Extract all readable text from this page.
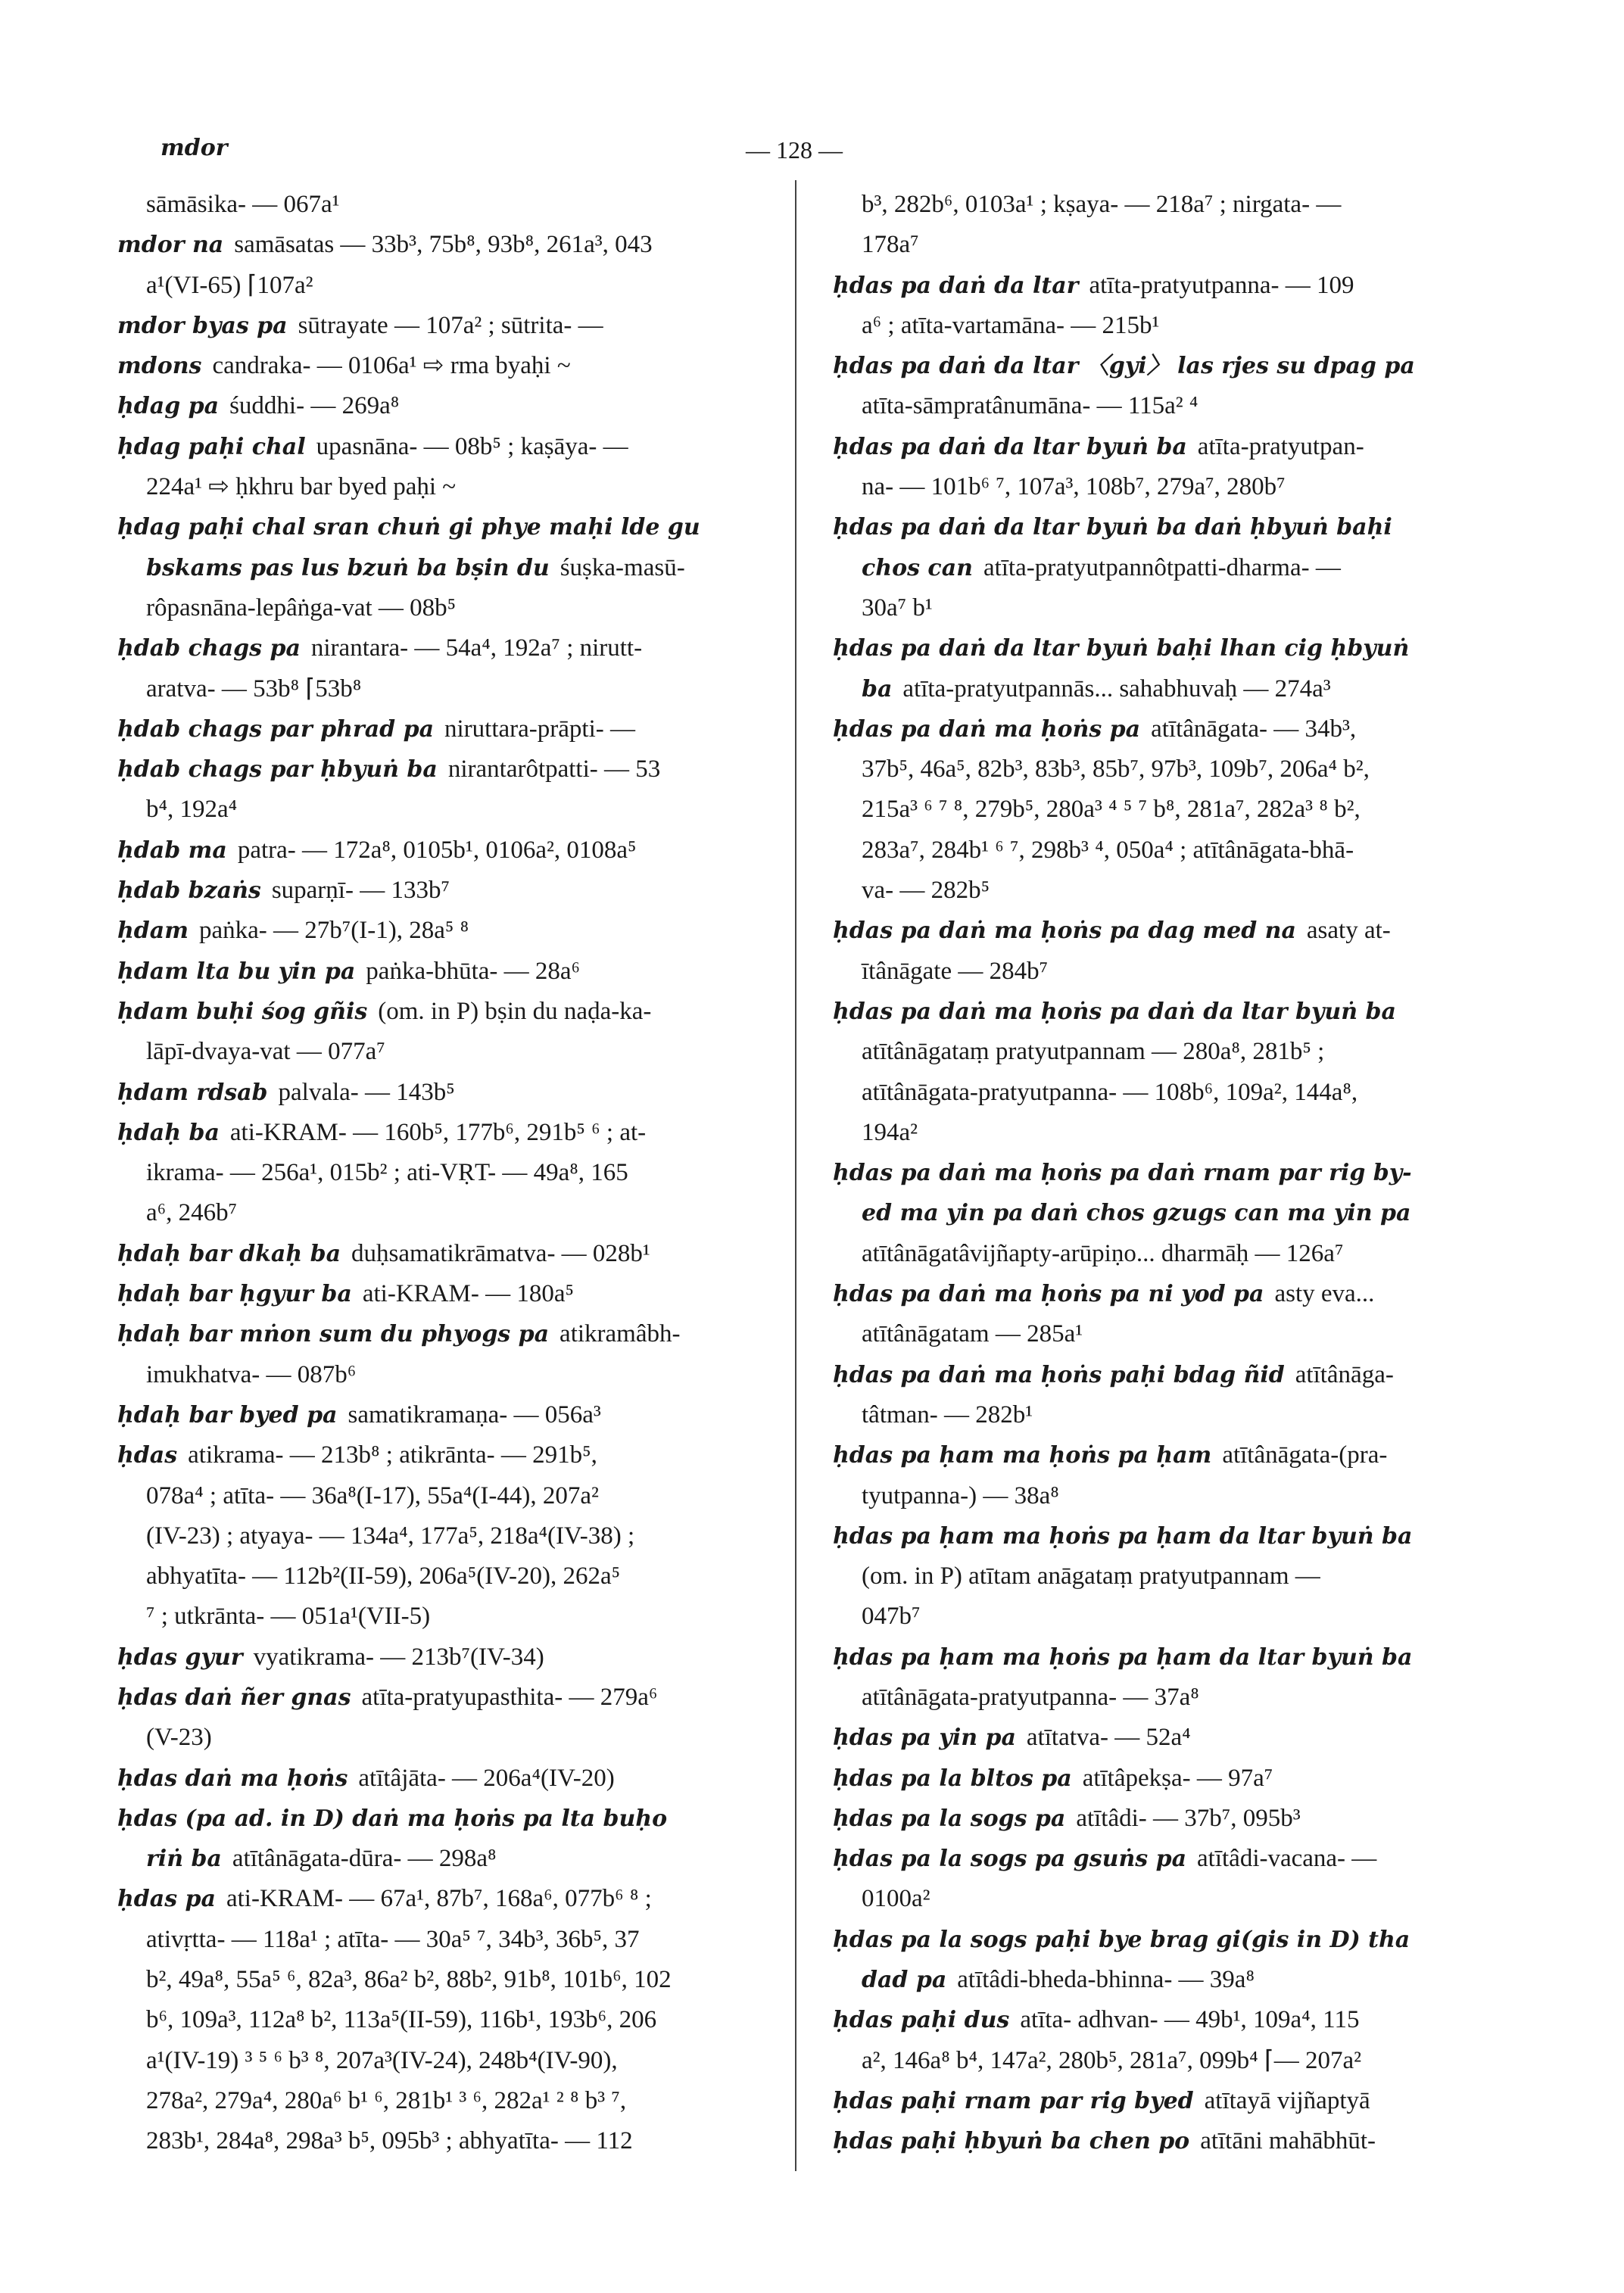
mdor	— 128 —
sāmāsika- — 067a¹
mdor na samāsatas — 33b³, 75b⁸, 93b⁸, 261a³, 043
a¹(VI-65) ⌈107a²
mdor byas pa sūtrayate — 107a² ; sūtrita- —
mdons candraka- — 0106a¹ ⇨ rma byaḥi ~
ḥdag pa śuddhi- — 269a⁸
ḥdag paḥi chal upasnāna- — 08b⁵ ; kaṣāya- —
224a¹ ⇨ ḥkhru bar byed paḥi ~
ḥdag paḥi chal sran chuṅ gi phye maḥi lde gu
bskams pas lus bzuṅ ba bṣin du śuṣka-masū-
rôpasnāna-lepâṅga-vat — 08b⁵
ḥdab chags pa nirantara- — 54a⁴, 192a⁷ ; nirutt-
aratva- — 53b⁸ ⌈53b⁸
ḥdab chags par phrad pa niruttara-prāpti- —
ḥdab chags par ḥbyuṅ ba nirantarôtpatti- — 53
b⁴, 192a⁴
ḥdab ma patra- — 172a⁸, 0105b¹, 0106a², 0108a⁵
ḥdab bzaṅs suparṇī- — 133b⁷
ḥdam paṅka- — 27b⁷(I-1), 28a⁵ ⁸
ḥdam lta bu yin pa paṅka-bhūta- — 28a⁶
ḥdam buḥi śog gñis (om. in P) bṣin du naḍa-ka-
lāpī-dvaya-vat — 077a⁷
ḥdam rdsab palvala- — 143b⁵
ḥdaḥ ba ati-KRAM- — 160b⁵, 177b⁶, 291b⁵ ⁶ ; at-
ikrama- — 256a¹, 015b² ; ati-VṚT- — 49a⁸, 165
a⁶, 246b⁷
ḥdaḥ bar dkaḥ ba duḥsamatikrāmatva- — 028b¹
ḥdaḥ bar ḥgyur ba ati-KRAM- — 180a⁵
ḥdaḥ bar mṅon sum du phyogs pa atikramâbh-
imukhatva- — 087b⁶
ḥdaḥ bar byed pa samatikramaṇa- — 056a³
ḥdas atikrama- — 213b⁸ ; atikrānta- — 291b⁵,
078a⁴ ; atīta- — 36a⁸(I-17), 55a⁴(I-44), 207a²
(IV-23) ; atyaya- — 134a⁴, 177a⁵, 218a⁴(IV-38) ;
abhyatīta- — 112b²(II-59), 206a⁵(IV-20), 262a⁵
⁷ ; utkrānta- — 051a¹(VII-5)
ḥdas gyur vyatikrama- — 213b⁷(IV-34)
ḥdas daṅ ñer gnas atīta-pratyupasthita- — 279a⁶
(V-23)
ḥdas daṅ ma ḥoṅs atītâjāta- — 206a⁴(IV-20)
ḥdas (pa ad. in D) daṅ ma ḥoṅs pa lta buḥo
riṅ ba atītânāgata-dūra- — 298a⁸
ḥdas pa ati-KRAM- — 67a¹, 87b⁷, 168a⁶, 077b⁶ ⁸ ;
ativṛtta- — 118a¹ ; atīta- — 30a⁵ ⁷, 34b³, 36b⁵, 37
b², 49a⁸, 55a⁵ ⁶, 82a³, 86a² b², 88b², 91b⁸, 101b⁶, 102
b⁶, 109a³, 112a⁸ b², 113a⁵(II-59), 116b¹, 193b⁶, 206
a¹(IV-19) ³ ⁵ ⁶ b³ ⁸, 207a³(IV-24), 248b⁴(IV-90),
278a², 279a⁴, 280a⁶ b¹ ⁶, 281b¹ ³ ⁶, 282a¹ ² ⁸ b³ ⁷,
283b¹, 284a⁸, 298a³ b⁵, 095b³ ; abhyatīta- — 112
b³, 282b⁶, 0103a¹ ; kṣaya- — 218a⁷ ; nirgata- —
178a⁷
ḥdas pa daṅ da ltar atīta-pratyutpanna- — 109
a⁶ ; atīta-vartamāna- — 215b¹
ḥdas pa daṅ da ltar 〈gyi〉 las rjes su dpag pa
atīta-sāmpratânumāna- — 115a² ⁴
ḥdas pa daṅ da ltar byuṅ ba atīta-pratyutpan-
na- — 101b⁶ ⁷, 107a³, 108b⁷, 279a⁷, 280b⁷
ḥdas pa daṅ da ltar byuṅ ba daṅ ḥbyuṅ baḥi
chos can atīta-pratyutpannôtpatti-dharma- —
30a⁷ b¹
ḥdas pa daṅ da ltar byuṅ baḥi lhan cig ḥbyuṅ
ba atīta-pratyutpannās... sahabhuvaḥ — 274a³
ḥdas pa daṅ ma ḥoṅs pa atītânāgata- — 34b³,
37b⁵, 46a⁵, 82b³, 83b³, 85b⁷, 97b³, 109b⁷, 206a⁴ b²,
215a³ ⁶ ⁷ ⁸, 279b⁵, 280a³ ⁴ ⁵ ⁷ b⁸, 281a⁷, 282a³ ⁸ b²,
283a⁷, 284b¹ ⁶ ⁷, 298b³ ⁴, 050a⁴ ; atītânāgata-bhā-
va- — 282b⁵
ḥdas pa daṅ ma ḥoṅs pa dag med na asaty at-
ītânāgate — 284b⁷
ḥdas pa daṅ ma ḥoṅs pa daṅ da ltar byuṅ ba
atītânāgataṃ pratyutpannam — 280a⁸, 281b⁵ ;
atītânāgata-pratyutpanna- — 108b⁶, 109a², 144a⁸,
194a²
ḥdas pa daṅ ma ḥoṅs pa daṅ rnam par rig by-
ed ma yin pa daṅ chos gzugs can ma yin pa
atītânāgatâvijñapty-arūpiṇo... dharmāḥ — 126a⁷
ḥdas pa daṅ ma ḥoṅs pa ni yod pa asty eva...
atītânāgatam — 285a¹
ḥdas pa daṅ ma ḥoṅs paḥi bdag ñid atītânāga-
tâtman- — 282b¹
ḥdas pa ḥam ma ḥoṅs pa ḥam atītânāgata-(pra-
tyutpanna-) — 38a⁸
ḥdas pa ḥam ma ḥoṅs pa ḥam da ltar byuṅ ba
(om. in P) atītam anāgataṃ pratyutpannam —
047b⁷
ḥdas pa ḥam ma ḥoṅs pa ḥam da ltar byuṅ ba
atītânāgata-pratyutpanna- — 37a⁸
ḥdas pa yin pa atītatva- — 52a⁴
ḥdas pa la bltos pa atītâpekṣa- — 97a⁷
ḥdas pa la sogs pa atītâdi- — 37b⁷, 095b³
ḥdas pa la sogs pa gsuṅs pa atītâdi-vacana- —
0100a²
ḥdas pa la sogs paḥi bye brag gi(gis in D) tha
dad pa atītâdi-bheda-bhinna- — 39a⁸
ḥdas paḥi dus atīta- adhvan- — 49b¹, 109a⁴, 115
a², 146a⁸ b⁴, 147a², 280b⁵, 281a⁷, 099b⁴ ⌈— 207a²
ḥdas paḥi rnam par rig byed atītayā vijñaptyā
ḥdas paḥi ḥbyuṅ ba chen po atītāni mahābhūt-
